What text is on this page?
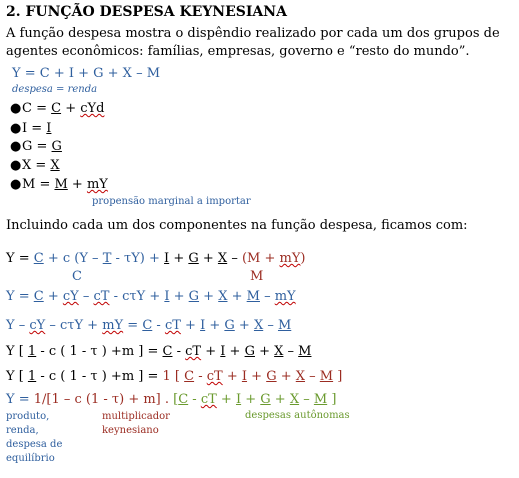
2. FUNÇÃO DESPESA KEYNESIANA
A função despesa mostra o dispêndio realizado por cada um dos grupos de
agentes econômicos: famílias, empresas, governo e “resto do mundo”.
Y = C + I + G + X – M
despesa = renda
●C = C + cYd
●I = I
●G = G
●X = X
●M = M + mY
propensão marginal a importar
Incluindo cada um dos componentes na função despesa, ficamos com:
Y = C + c (Y – T - τY) + I + G + X – (M + mY)
C	M
Y = C + cY – cT - cτY + I + G + X + M – mY
Y – cY – cτY + mY = C - cT + I + G + X – M
Y [ 1 - c ( 1 - τ ) +m ] = C - cT + I + G + X – M
Y [ 1 - c ( 1 - τ ) +m ] = 1 [ C - cT + I + G + X – M ]
Y = 1/[1 – c (1 - τ) + m] . [C - cT + I + G + X – M ]
produto,
renda,
despesa de
equilíbrio
multiplicador
keynesiano
despesas autônomas
